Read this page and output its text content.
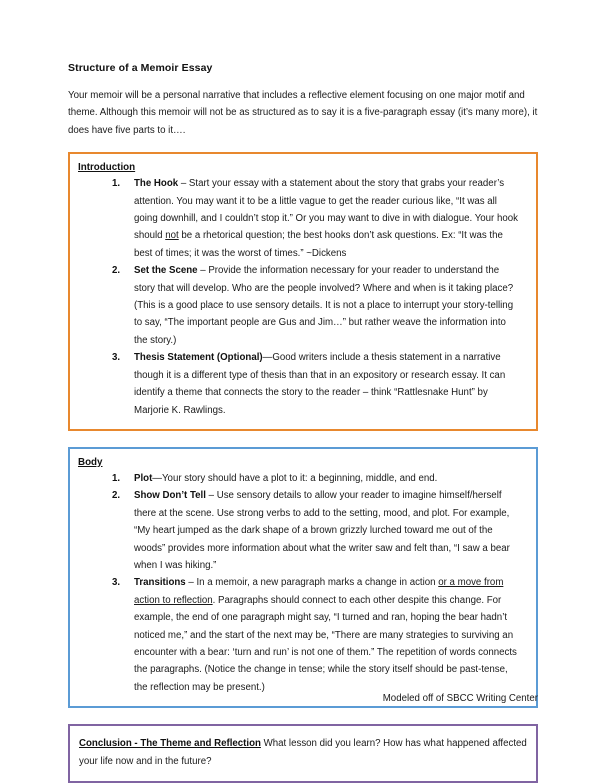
Structure of a Memoir Essay

Your memoir will be a personal narrative that includes a reflective element focusing on one major motif and theme. Although this memoir will not be as structured as to say it is a five-paragraph essay (it’s many more), it does have five parts to it….

Introduction
The Hook – Start your essay with a statement about the story that grabs your reader’s attention. You may want it to be a little vague to get the reader curious like, “It was all going downhill, and I couldn’t stop it.” Or you may want to dive in with dialogue. Your hook should not be a rhetorical question; the best hooks don’t ask questions. Ex: “It was the best of times; it was the worst of times.” ~Dickens
Set the Scene – Provide the information necessary for your reader to understand the story that will develop. Who are the people involved? Where and when is it taking place? (This is a good place to use sensory details. It is not a place to interrupt your story-telling to say, “The important people are Gus and Jim…” but rather weave the information into the story.)
Thesis Statement (Optional)—Good writers include a thesis statement in a narrative though it is a different type of thesis than that in an expository or research essay. It can identify a theme that connects the story to the reader – think “Rattlesnake Hunt” by Marjorie K. Rawlings.
Body
Plot—Your story should have a plot to it: a beginning, middle, and end.
Show Don’t Tell – Use sensory details to allow your reader to imagine himself/herself there at the scene. Use strong verbs to add to the setting, mood, and plot. For example, “My heart jumped as the dark shape of a brown grizzly lurched toward me out of the woods” provides more information about what the writer saw and felt than, “I saw a bear when I was hiking.”
Transitions – In a memoir, a new paragraph marks a change in action or a move from action to reflection. Paragraphs should connect to each other despite this change. For example, the end of one paragraph might say, “I turned and ran, hoping the bear hadn’t noticed me,” and the start of the next may be, “There are many strategies to surviving an encounter with a bear: ‘turn and run’ is not one of them.” The repetition of words connects the paragraphs. (Notice the change in tense; while the story itself should be past-tense, the reflection may be present.)

Conclusion - The Theme and Reflection What lesson did you learn? How has what happened affected your life now and in the future?

Modeled off of SBCC Writing Center
